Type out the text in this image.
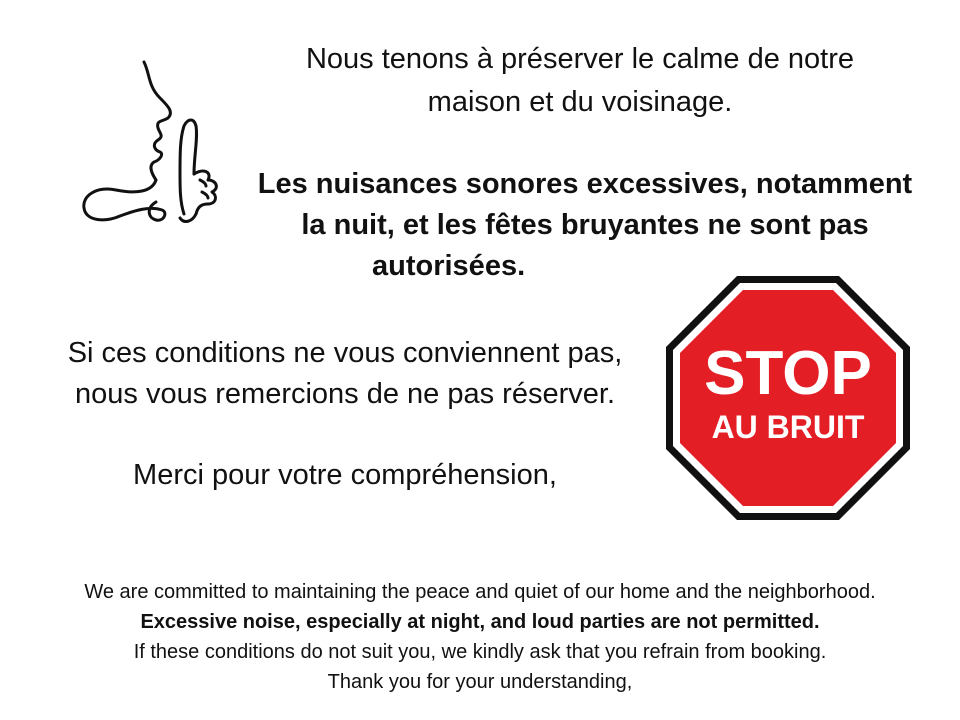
Nous tenons à préserver le calme de notre
maison et du voisinage.
Les nuisances sonores excessives, notamment
la nuit, et les fêtes bruyantes ne sont pas
autorisées.
Si ces conditions ne vous conviennent pas,
nous vous remercions de ne pas réserver.
Merci pour votre compréhension,
STOP
AU BRUIT
We are committed to maintaining the peace and quiet of our home and the neighborhood.
Excessive noise, especially at night, and loud parties are not permitted.
If these conditions do not suit you, we kindly ask that you refrain from booking.
Thank you for your understanding,
